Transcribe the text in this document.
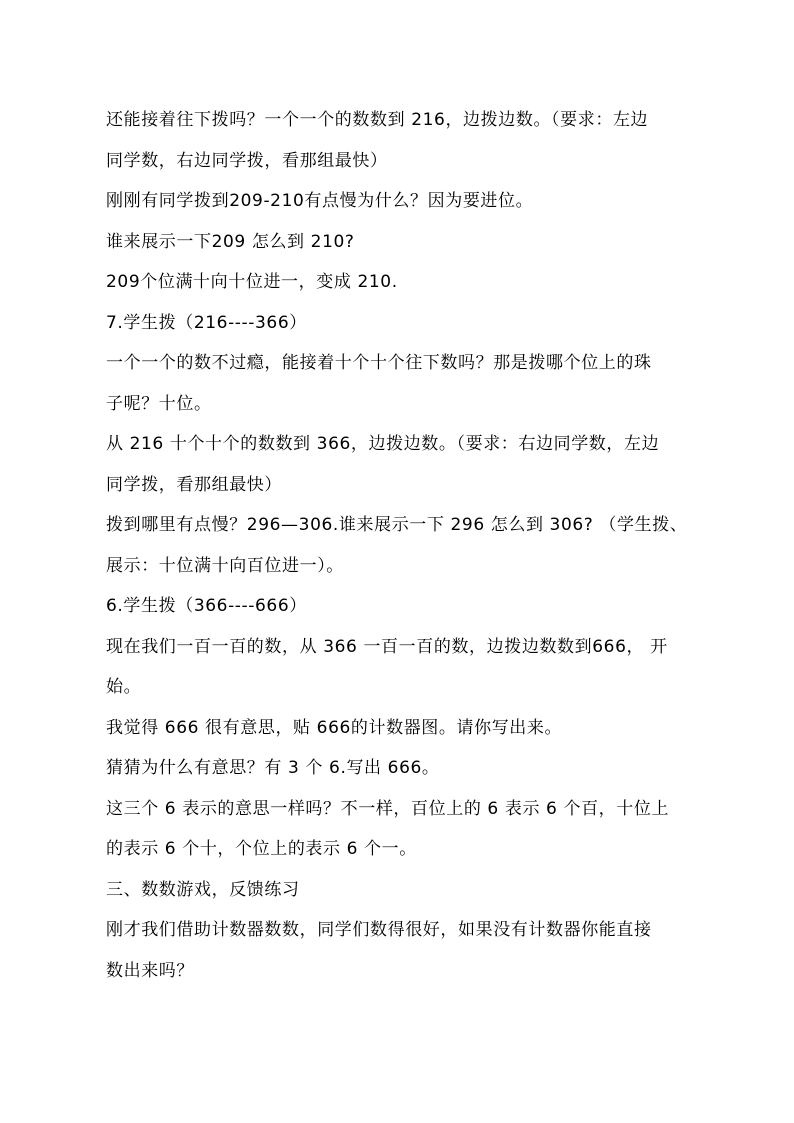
还能接着往下拨吗？一个一个的数数到 216，边拨边数。（要求：左边
同学数，右边同学拨，看那组最快）
刚刚有同学拨到209-210有点慢为什么？因为要进位。
谁来展示一下209 怎么到 210?
209个位满十向十位进一，变成 210.
7.学生拨（216----366）
一个一个的数不过瘾，能接着十个十个往下数吗？那是拨哪个位上的珠
子呢？十位。
从 216 十个十个的数数到 366，边拨边数。（要求：右边同学数，左边
同学拨，看那组最快）
拨到哪里有点慢？296—306.谁来展示一下 296 怎么到 306? （学生拨、
展示：十位满十向百位进一）。
6.学生拨（366----666）
现在我们一百一百的数，从 366 一百一百的数，边拨边数数到666， 开
始。
我觉得 666 很有意思，贴 666的计数器图。请你写出来。
猜猜为什么有意思？有 3 个 6.写出 666。
这三个 6 表示的意思一样吗？不一样，百位上的 6 表示 6 个百，十位上
的表示 6 个十，个位上的表示 6 个一。
三、数数游戏，反馈练习
刚才我们借助计数器数数，同学们数得很好，如果没有计数器你能直接
数出来吗？
